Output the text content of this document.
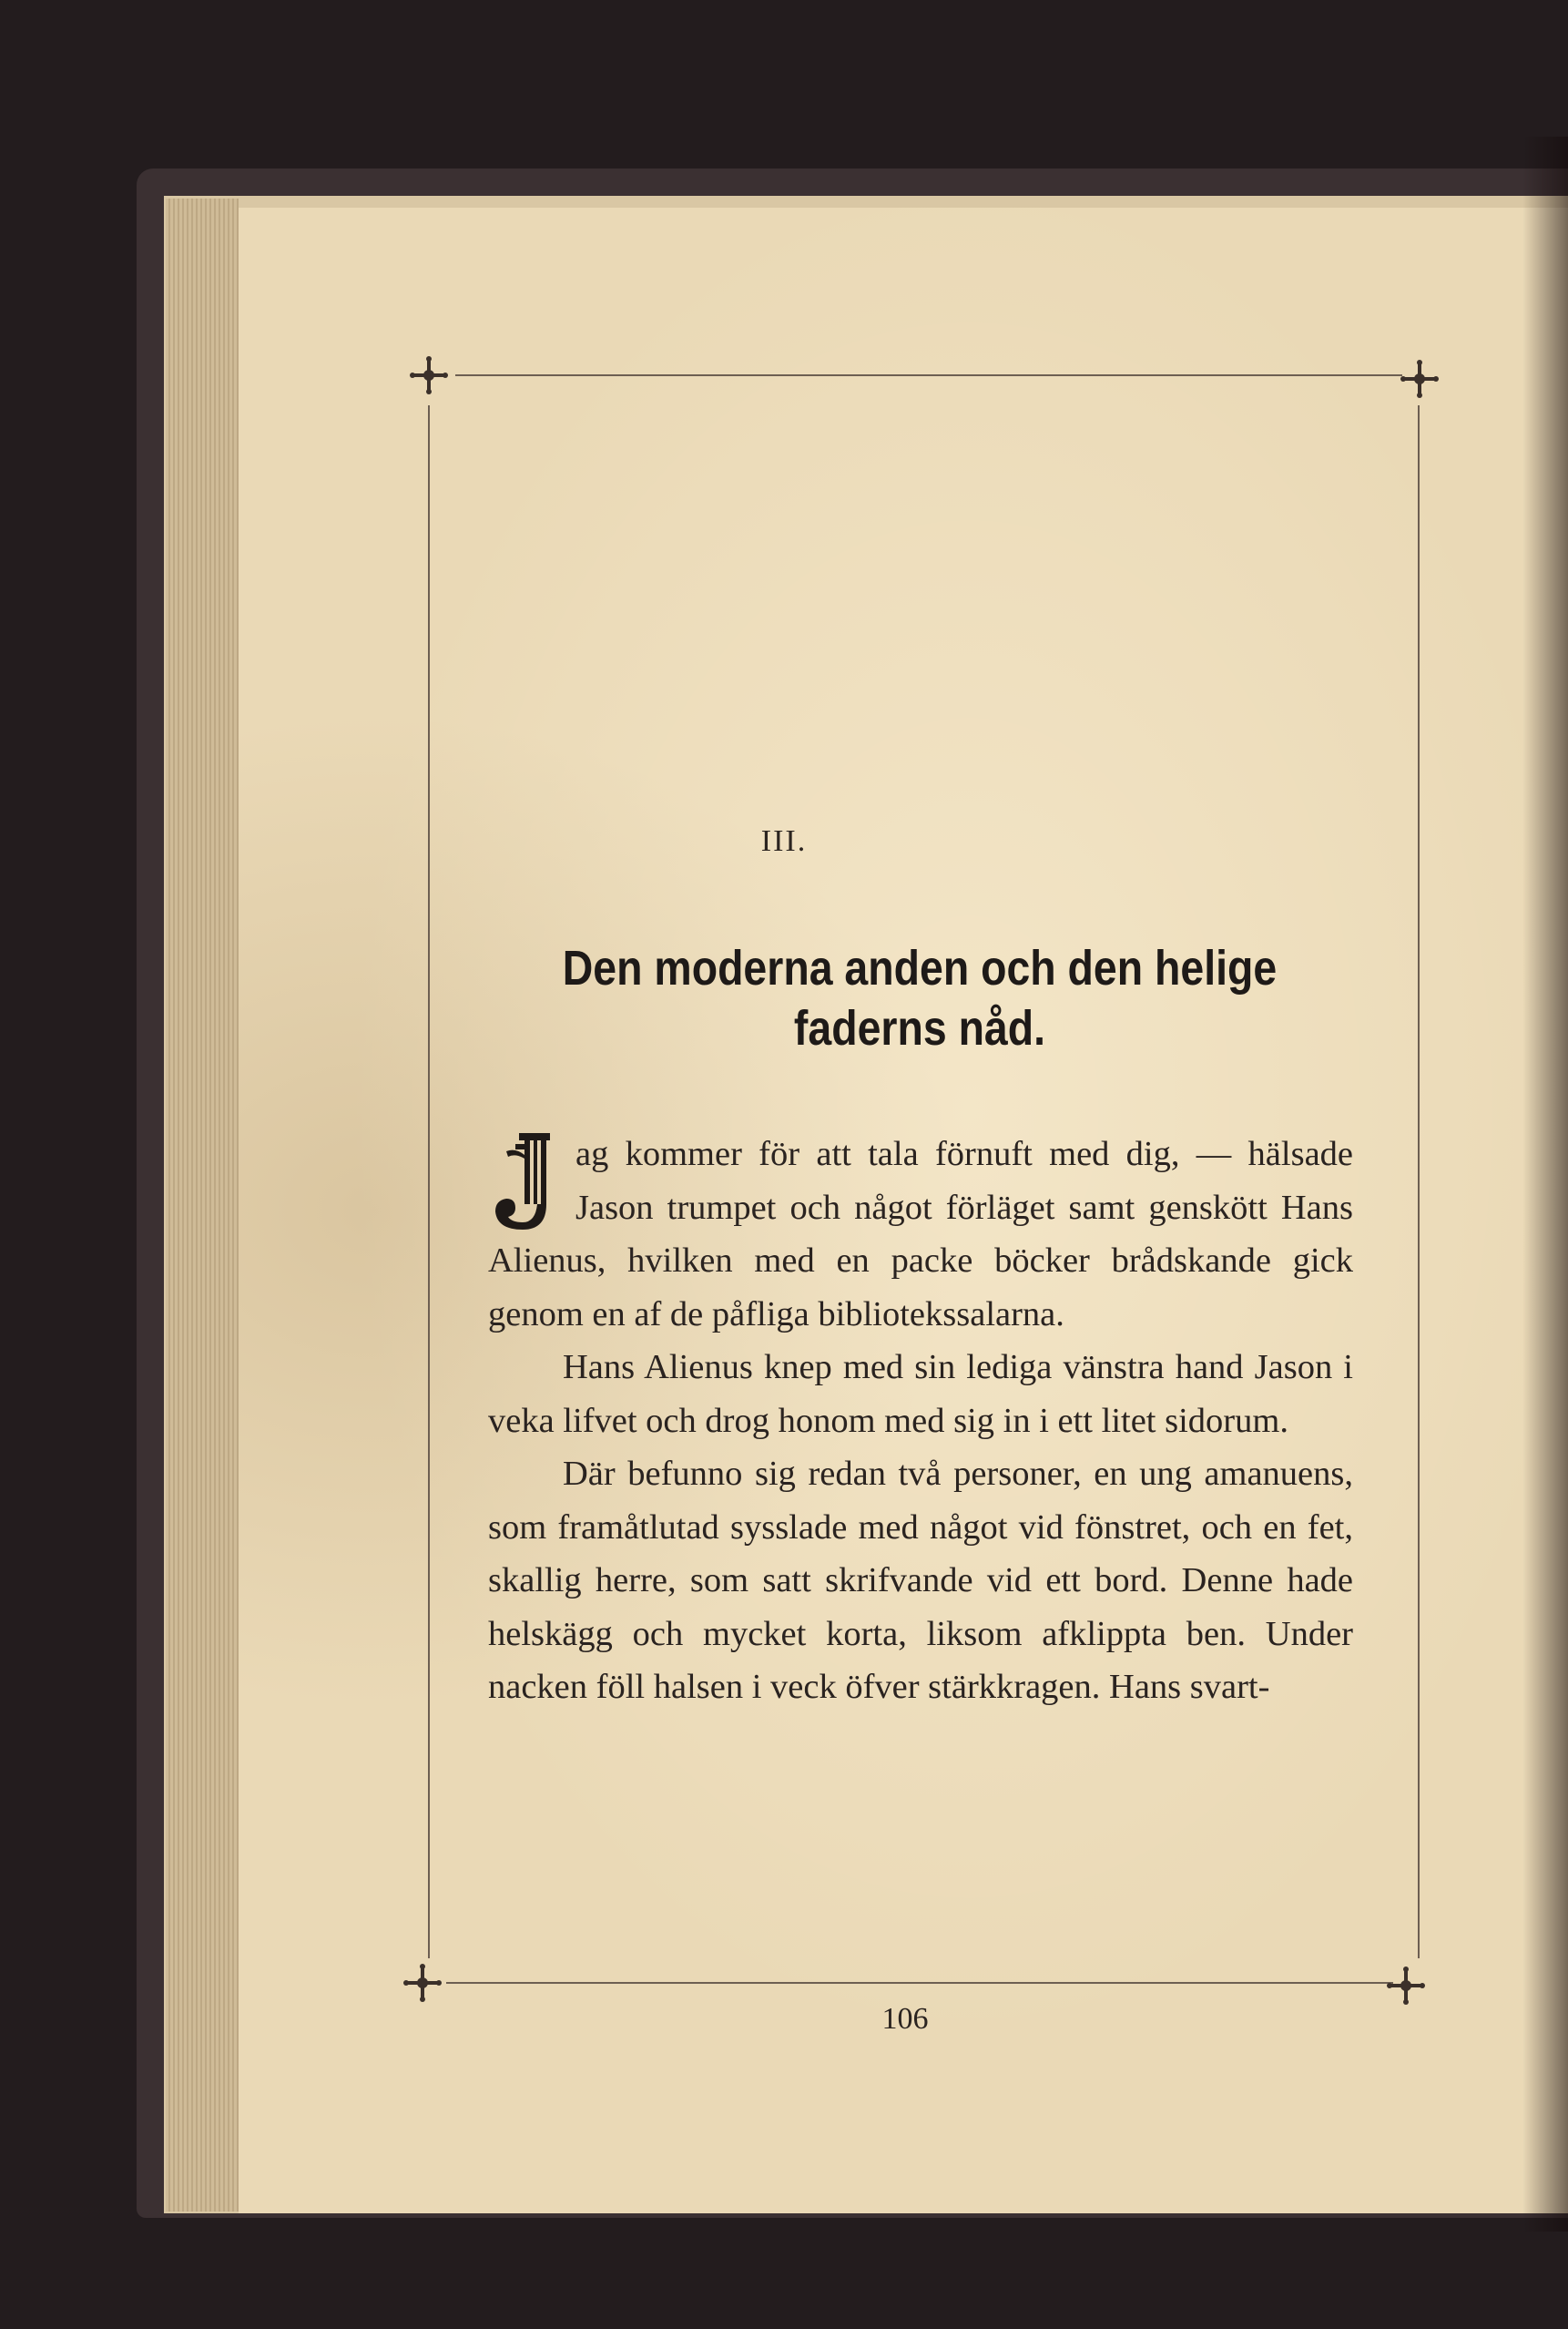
III.
Den moderna anden och den helige
faderns nåd.

ag kommer för att tala förnuft med dig, — hälsade Jason trumpet och något förläget samt genskött Hans Alienus, hvilken med en packe böcker brådskande gick genom en af de påfliga bibliotekssalarna.

Hans Alienus knep med sin lediga vänstra hand Jason i veka lifvet och drog honom med sig in i ett litet sidorum.

Där befunno sig redan två personer, en ung amanuens, som framåtlutad sysslade med något vid fönstret, och en fet, skallig herre, som satt skrifvande vid ett bord. Denne hade helskägg och mycket korta, liksom afklippta ben. Under nacken föll halsen i veck öfver stärkkragen. Hans svart-

106
